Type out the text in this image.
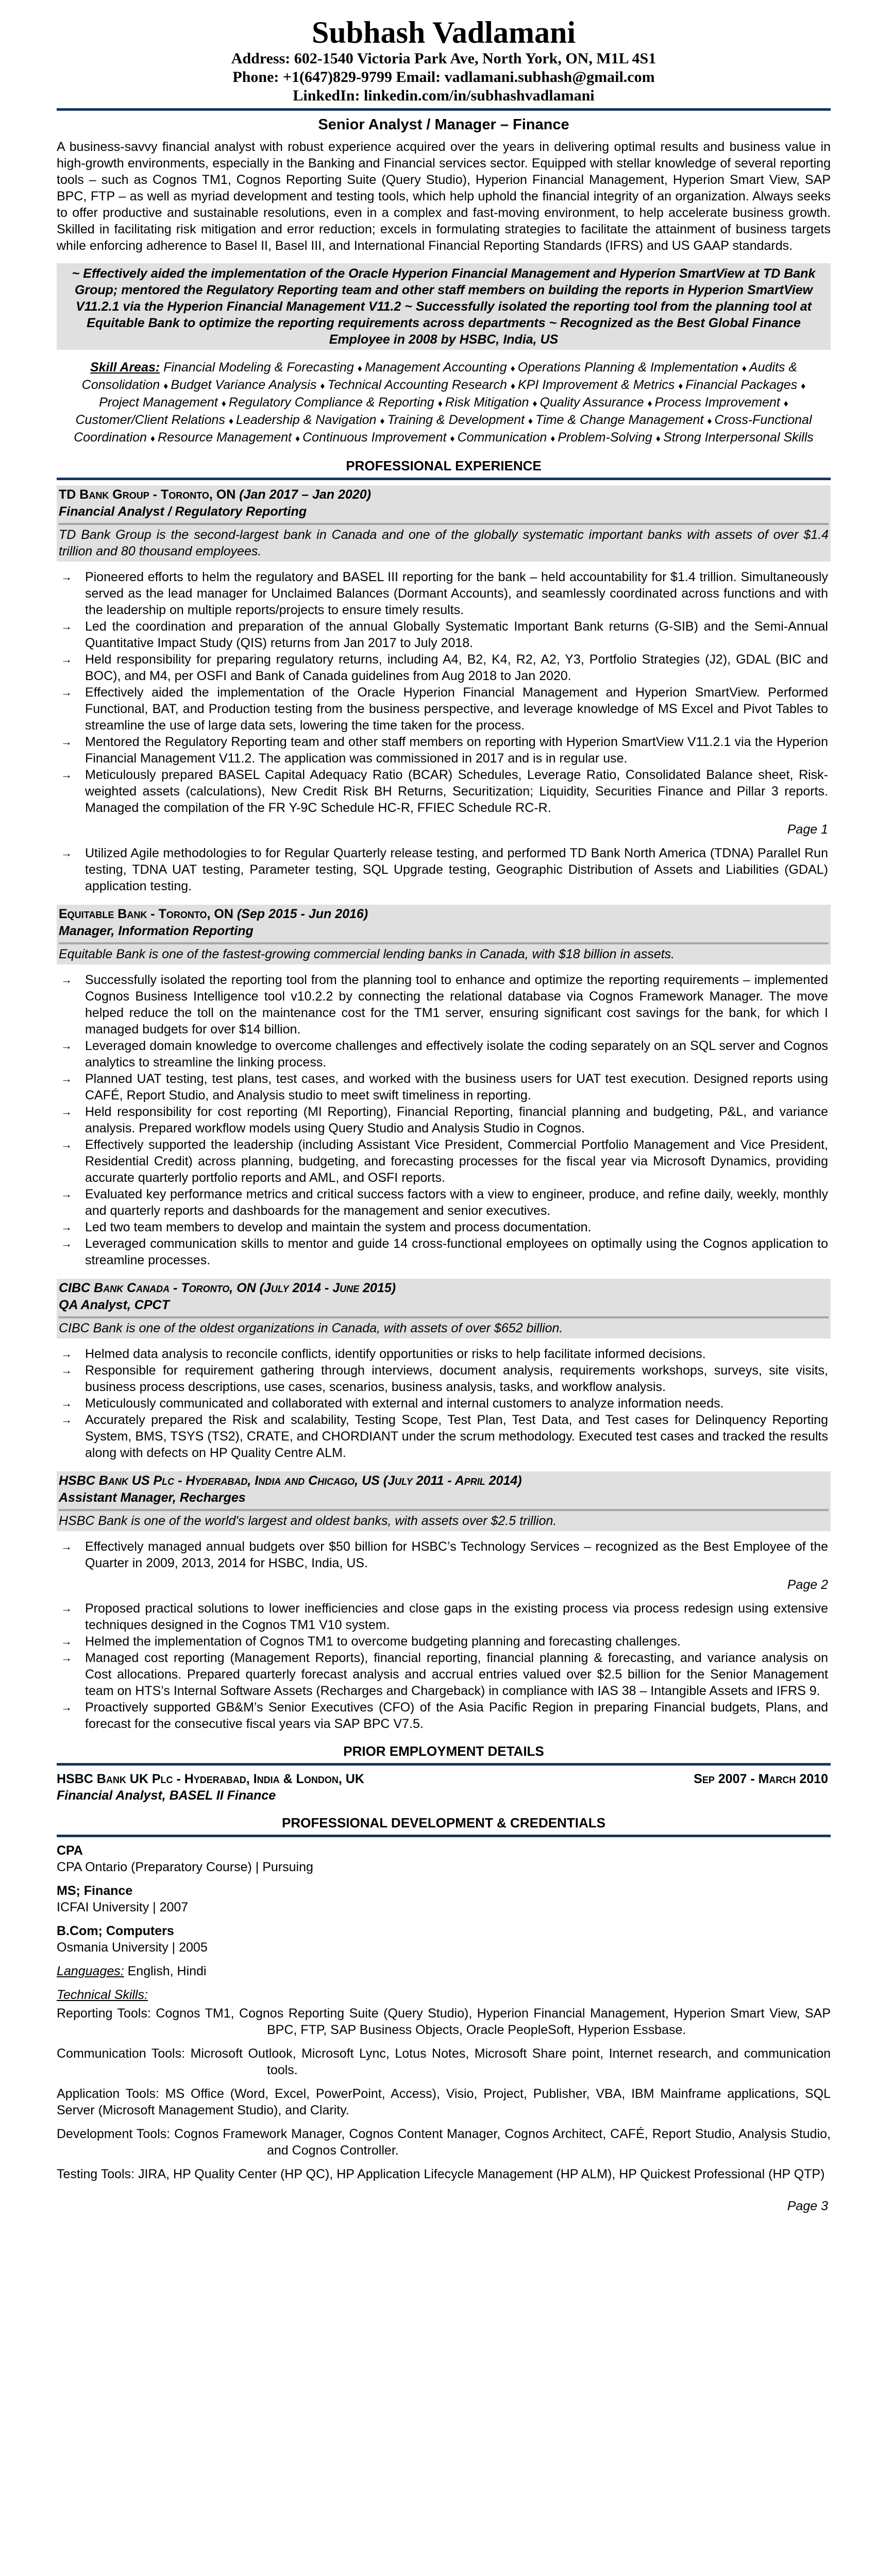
Subhash Vadlamani
Address: 602-1540 Victoria Park Ave, North York, ON, M1L 4S1
Phone: +1(647)829-9799 Email: vadlamani.subhash@gmail.com
LinkedIn: linkedin.com/in/subhashvadlamani
Senior Analyst / Manager – Finance
A business-savvy financial analyst with robust experience acquired over the years in delivering optimal results and business value in high-growth environments, especially in the Banking and Financial services sector. Equipped with stellar knowledge of several reporting tools – such as Cognos TM1, Cognos Reporting Suite (Query Studio), Hyperion Financial Management, Hyperion Smart View, SAP BPC, FTP – as well as myriad development and testing tools, which help uphold the financial integrity of an organization. Always seeks to offer productive and sustainable resolutions, even in a complex and fast-moving environment, to help accelerate business growth. Skilled in facilitating risk mitigation and error reduction; excels in formulating strategies to facilitate the attainment of business targets while enforcing adherence to Basel II, Basel III, and International Financial Reporting Standards (IFRS) and US GAAP standards.
~ Effectively aided the implementation of the Oracle Hyperion Financial Management and Hyperion SmartView at TD Bank Group; mentored the Regulatory Reporting team and other staff members on building the reports in Hyperion SmartView V11.2.1 via the Hyperion Financial Management V11.2 ~ Successfully isolated the reporting tool from the planning tool at Equitable Bank to optimize the reporting requirements across departments ~ Recognized as the Best Global Finance Employee in 2008 by HSBC, India, US
Skill Areas: Financial Modeling & Forecasting ♦ Management Accounting ♦ Operations Planning & Implementation ♦ Audits & Consolidation ♦ Budget Variance Analysis ♦ Technical Accounting Research ♦ KPI Improvement & Metrics ♦ Financial Packages ♦ Project Management ♦ Regulatory Compliance & Reporting ♦ Risk Mitigation ♦ Quality Assurance ♦ Process Improvement ♦ Customer/Client Relations ♦ Leadership & Navigation ♦ Training & Development ♦ Time & Change Management ♦ Cross-Functional Coordination ♦ Resource Management ♦ Continuous Improvement ♦ Communication ♦ Problem-Solving ♦ Strong Interpersonal Skills
PROFESSIONAL EXPERIENCE
TD Bank Group - Toronto, ON (Jan 2017 – Jan 2020)
Financial Analyst / Regulatory Reporting
TD Bank Group is the second-largest bank in Canada and one of the globally systematic important banks with assets of over $1.4 trillion and 80 thousand employees.
→ Pioneered efforts to helm the regulatory and BASEL III reporting for the bank – held accountability for $1.4 trillion. Simultaneously served as the lead manager for Unclaimed Balances (Dormant Accounts), and seamlessly coordinated across functions and with the leadership on multiple reports/projects to ensure timely results.
→ Led the coordination and preparation of the annual Globally Systematic Important Bank returns (G-SIB) and the Semi-Annual Quantitative Impact Study (QIS) returns from Jan 2017 to July 2018.
→ Held responsibility for preparing regulatory returns, including A4, B2, K4, R2, A2, Y3, Portfolio Strategies (J2), GDAL (BIC and BOC), and M4, per OSFI and Bank of Canada guidelines from Aug 2018 to Jan 2020.
→ Effectively aided the implementation of the Oracle Hyperion Financial Management and Hyperion SmartView. Performed Functional, BAT, and Production testing from the business perspective, and leverage knowledge of MS Excel and Pivot Tables to streamline the use of large data sets, lowering the time taken for the process.
→ Mentored the Regulatory Reporting team and other staff members on reporting with Hyperion SmartView V11.2.1 via the Hyperion Financial Management V11.2. The application was commissioned in 2017 and is in regular use.
→ Meticulously prepared BASEL Capital Adequacy Ratio (BCAR) Schedules, Leverage Ratio, Consolidated Balance sheet, Risk-weighted assets (calculations), New Credit Risk BH Returns, Securitization; Liquidity, Securities Finance and Pillar 3 reports. Managed the compilation of the FR Y-9C Schedule HC-R, FFIEC Schedule RC-R.
Page 1
→ Utilized Agile methodologies to for Regular Quarterly release testing, and performed TD Bank North America (TDNA) Parallel Run testing, TDNA UAT testing, Parameter testing, SQL Upgrade testing, Geographic Distribution of Assets and Liabilities (GDAL) application testing.
Equitable Bank - Toronto, ON (Sep 2015 - Jun 2016)
Manager, Information Reporting
Equitable Bank is one of the fastest-growing commercial lending banks in Canada, with $18 billion in assets.
→ Successfully isolated the reporting tool from the planning tool to enhance and optimize the reporting requirements – implemented Cognos Business Intelligence tool v10.2.2 by connecting the relational database via Cognos Framework Manager. The move helped reduce the toll on the maintenance cost for the TM1 server, ensuring significant cost savings for the bank, for which I managed budgets for over $14 billion.
→ Leveraged domain knowledge to overcome challenges and effectively isolate the coding separately on an SQL server and Cognos analytics to streamline the linking process.
→ Planned UAT testing, test plans, test cases, and worked with the business users for UAT test execution. Designed reports using CAFÉ, Report Studio, and Analysis studio to meet swift timeliness in reporting.
→ Held responsibility for cost reporting (MI Reporting), Financial Reporting, financial planning and budgeting, P&L, and variance analysis. Prepared workflow models using Query Studio and Analysis Studio in Cognos.
→ Effectively supported the leadership (including Assistant Vice President, Commercial Portfolio Management and Vice President, Residential Credit) across planning, budgeting, and forecasting processes for the fiscal year via Microsoft Dynamics, providing accurate quarterly portfolio reports and AML, and OSFI reports.
→ Evaluated key performance metrics and critical success factors with a view to engineer, produce, and refine daily, weekly, monthly and quarterly reports and dashboards for the management and senior executives.
→ Led two team members to develop and maintain the system and process documentation.
→ Leveraged communication skills to mentor and guide 14 cross-functional employees on optimally using the Cognos application to streamline processes.
CIBC Bank Canada - Toronto, ON (July 2014 - June 2015)
QA Analyst, CPCT
CIBC Bank is one of the oldest organizations in Canada, with assets of over $652 billion.
→ Helmed data analysis to reconcile conflicts, identify opportunities or risks to help facilitate informed decisions.
→ Responsible for requirement gathering through interviews, document analysis, requirements workshops, surveys, site visits, business process descriptions, use cases, scenarios, business analysis, tasks, and workflow analysis.
→ Meticulously communicated and collaborated with external and internal customers to analyze information needs.
→ Accurately prepared the Risk and scalability, Testing Scope, Test Plan, Test Data, and Test cases for Delinquency Reporting System, BMS, TSYS (TS2), CRATE, and CHORDIANT under the scrum methodology. Executed test cases and tracked the results along with defects on HP Quality Centre ALM.
HSBC Bank US Plc - Hyderabad, India and Chicago, US (July 2011 - April 2014)
Assistant Manager, Recharges
HSBC Bank is one of the world's largest and oldest banks, with assets over $2.5 trillion.
→ Effectively managed annual budgets over $50 billion for HSBC’s Technology Services – recognized as the Best Employee of the Quarter in 2009, 2013, 2014 for HSBC, India, US.
Page 2
→ Proposed practical solutions to lower inefficiencies and close gaps in the existing process via process redesign using extensive techniques designed in the Cognos TM1 V10 system.
→ Helmed the implementation of Cognos TM1 to overcome budgeting planning and forecasting challenges.
→ Managed cost reporting (Management Reports), financial reporting, financial planning & forecasting, and variance analysis on Cost allocations. Prepared quarterly forecast analysis and accrual entries valued over $2.5 billion for the Senior Management team on HTS’s Internal Software Assets (Recharges and Chargeback) in compliance with IAS 38 – Intangible Assets and IFRS 9.
→ Proactively supported GB&M’s Senior Executives (CFO) of the Asia Pacific Region in preparing Financial budgets, Plans, and forecast for the consecutive fiscal years via SAP BPC V7.5.
PRIOR EMPLOYMENT DETAILS
HSBC Bank UK Plc - Hyderabad, India & London, UK	Sep 2007 - March 2010
Financial Analyst, BASEL II Finance
PROFESSIONAL DEVELOPMENT & CREDENTIALS
CPA
CPA Ontario (Preparatory Course) | Pursuing
MS; Finance
ICFAI University | 2007
B.Com; Computers
Osmania University | 2005
Languages: English, Hindi
Technical Skills:
Reporting Tools: Cognos TM1, Cognos Reporting Suite (Query Studio), Hyperion Financial Management, Hyperion Smart View, SAP BPC, FTP, SAP Business Objects, Oracle PeopleSoft, Hyperion Essbase.
Communication Tools: Microsoft Outlook, Microsoft Lync, Lotus Notes, Microsoft Share point, Internet research, and communication tools.
Application Tools: MS Office (Word, Excel, PowerPoint, Access), Visio, Project, Publisher, VBA, IBM Mainframe applications, SQL Server (Microsoft Management Studio), and Clarity.
Development Tools: Cognos Framework Manager, Cognos Content Manager, Cognos Architect, CAFÉ, Report Studio, Analysis Studio, and Cognos Controller.
Testing Tools: JIRA, HP Quality Center (HP QC), HP Application Lifecycle Management (HP ALM), HP Quickest Professional (HP QTP)
Page 3
